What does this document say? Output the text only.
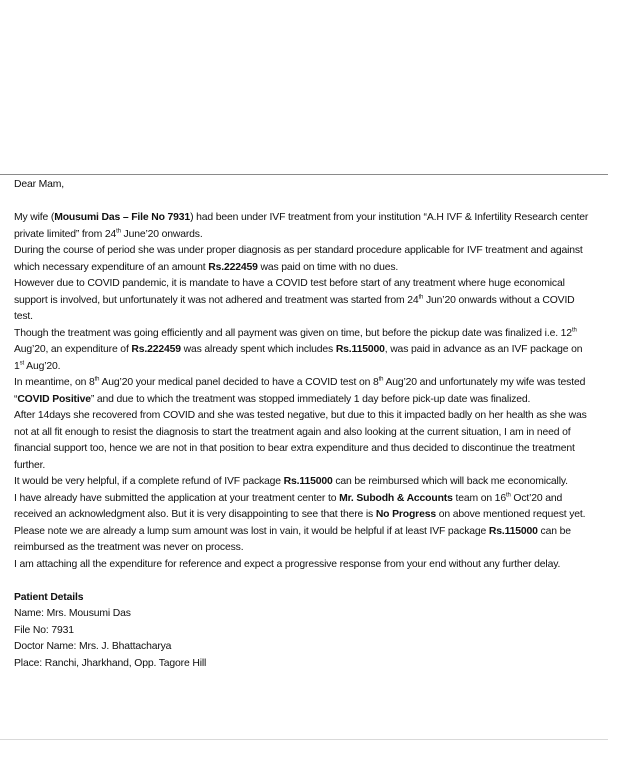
Dear Mam,

My wife (Mousumi Das – File No 7931) had been under IVF treatment from your institution “A.H IVF & Infertility Research center private limited” from 24th June’20 onwards.

During the course of period she was under proper diagnosis as per standard procedure applicable for IVF treatment and against which necessary expenditure of an amount Rs.222459 was paid on time with no dues.

However due to COVID pandemic, it is mandate to have a COVID test before start of any treatment where huge economical support is involved, but unfortunately it was not adhered and treatment was started from 24th Jun’20 onwards without a COVID test.

Though the treatment was going efficiently and all payment was given on time, but before the pickup date was finalized i.e. 12th Aug’20, an expenditure of Rs.222459 was already spent which includes Rs.115000, was paid in advance as an IVF package on 1st Aug’20.

In meantime, on 8th Aug’20 your medical panel decided to have a COVID test on 8th Aug’20 and unfortunately my wife was tested “COVID Positive” and due to which the treatment was stopped immediately 1 day before pick-up date was finalized.

After 14days she recovered from COVID and she was tested negative, but due to this it impacted badly on her health as she was not at all fit enough to resist the diagnosis to start the treatment again and also looking at the current situation, I am in need of financial support too, hence we are not in that position to bear extra expenditure and thus decided to discontinue the treatment further.

It would be very helpful, if a complete refund of IVF package Rs.115000 can be reimbursed which will back me economically.

I have already have submitted the application at your treatment center to Mr. Subodh & Accounts team on 16th Oct’20 and received an acknowledgment also. But it is very disappointing to see that there is No Progress on above mentioned request yet.

Please note we are already a lump sum amount was lost in vain, it would be helpful if at least IVF package Rs.115000 can be reimbursed as the treatment was never on process.

I am attaching all the expenditure for reference and expect a progressive response from your end without any further delay.

Patient Details

Name: Mrs. Mousumi Das

File No: 7931

Doctor Name: Mrs. J. Bhattacharya

Place: Ranchi, Jharkhand, Opp. Tagore Hill
